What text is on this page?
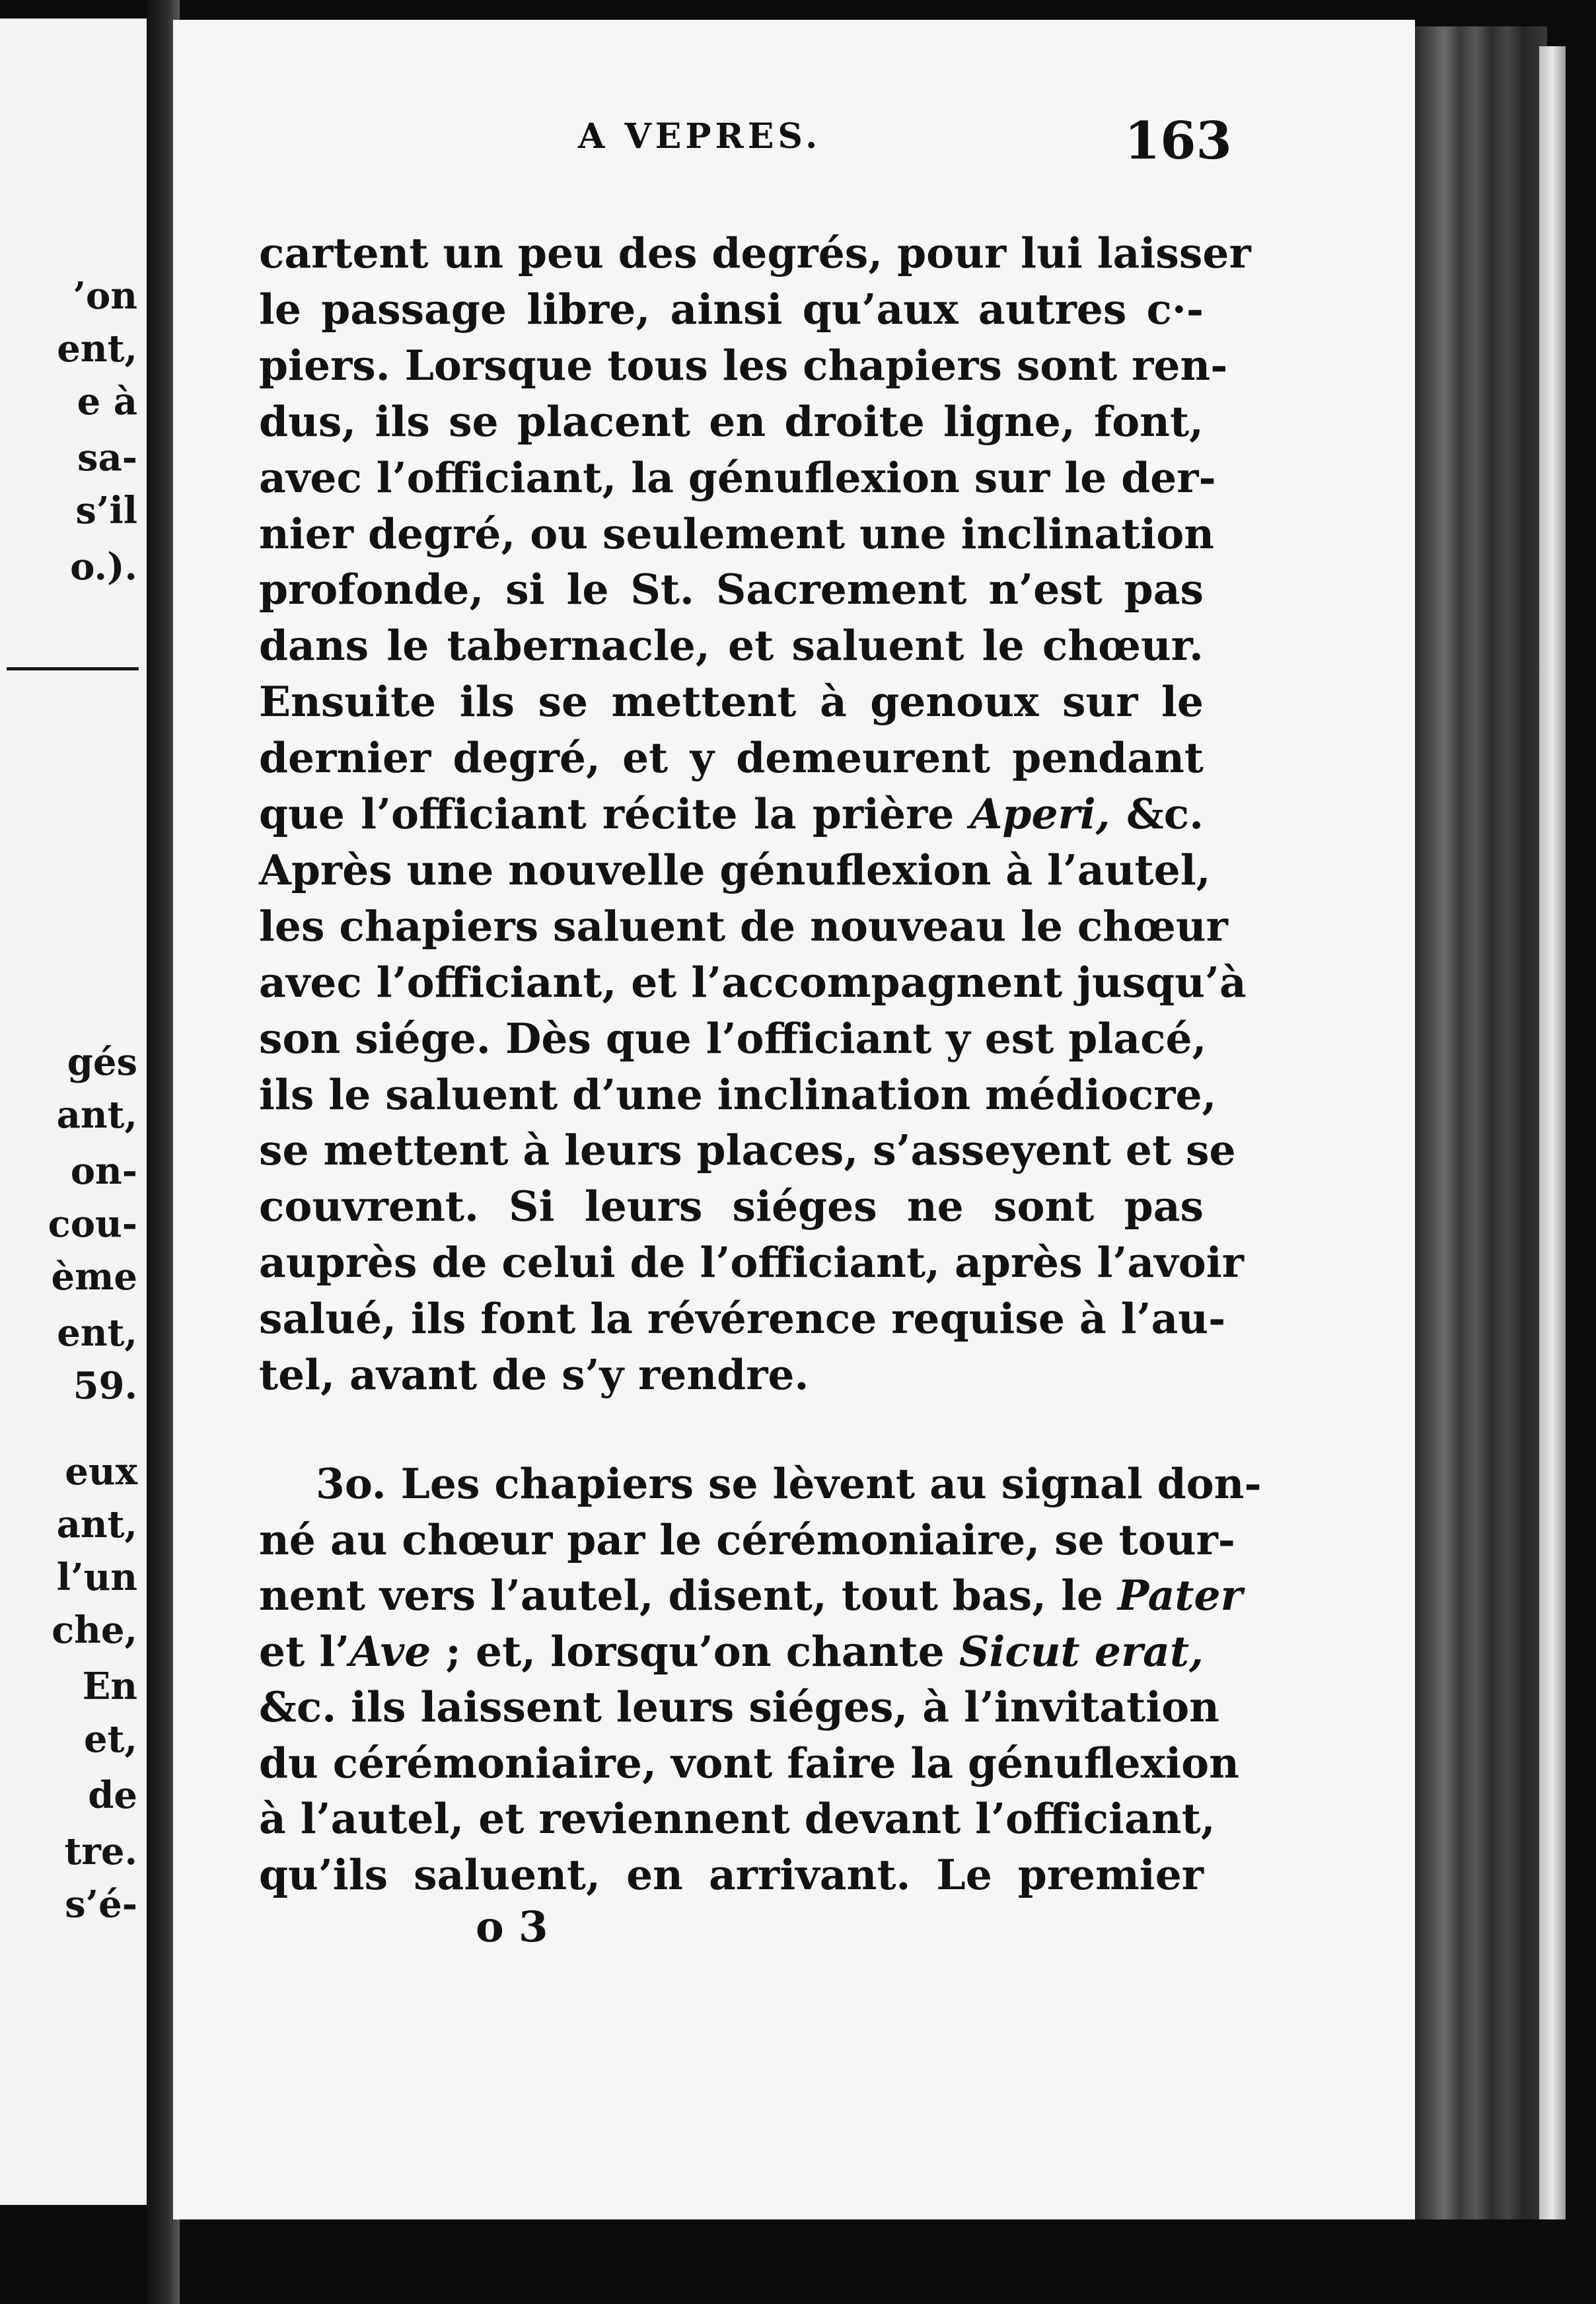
’on
ent,
e à
sa-
s’il
o.).
gés
ant,
on-
cou-
ème
ent,
59.
eux
ant,
l’un
che,
En
et,
de
tre.
s’é-
A VEPRES.	163
cartent un peu des degrés, pour lui laisser
le passage libre, ainsi qu’aux autres c·-
piers. Lorsque tous les chapiers sont ren-
dus, ils se placent en droite ligne, font,
avec l’officiant, la génuflexion sur le der-
nier degré, ou seulement une inclination
profonde, si le St. Sacrement n’est pas
dans le tabernacle, et saluent le chœur.
Ensuite ils se mettent à genoux sur le
dernier degré, et y demeurent pendant
que l’officiant récite la prière Aperi, &c.
Après une nouvelle génuflexion à l’autel,
les chapiers saluent de nouveau le chœur
avec l’officiant, et l’accompagnent jusqu’à
son siége. Dès que l’officiant y est placé,
ils le saluent d’une inclination médiocre,
se mettent à leurs places, s’asseyent et se
couvrent. Si leurs siéges ne sont pas
auprès de celui de l’officiant, après l’avoir
salué, ils font la révérence requise à l’au-
tel, avant de s’y rendre.
3o. Les chapiers se lèvent au signal don-
né au chœur par le cérémoniaire, se tour-
nent vers l’autel, disent, tout bas, le Pater
et l’Ave ; et, lorsqu’on chante Sicut erat,
&c. ils laissent leurs siéges, à l’invitation
du cérémoniaire, vont faire la génuflexion
à l’autel, et reviennent devant l’officiant,
qu’ils saluent, en arrivant. Le premier
o 3
